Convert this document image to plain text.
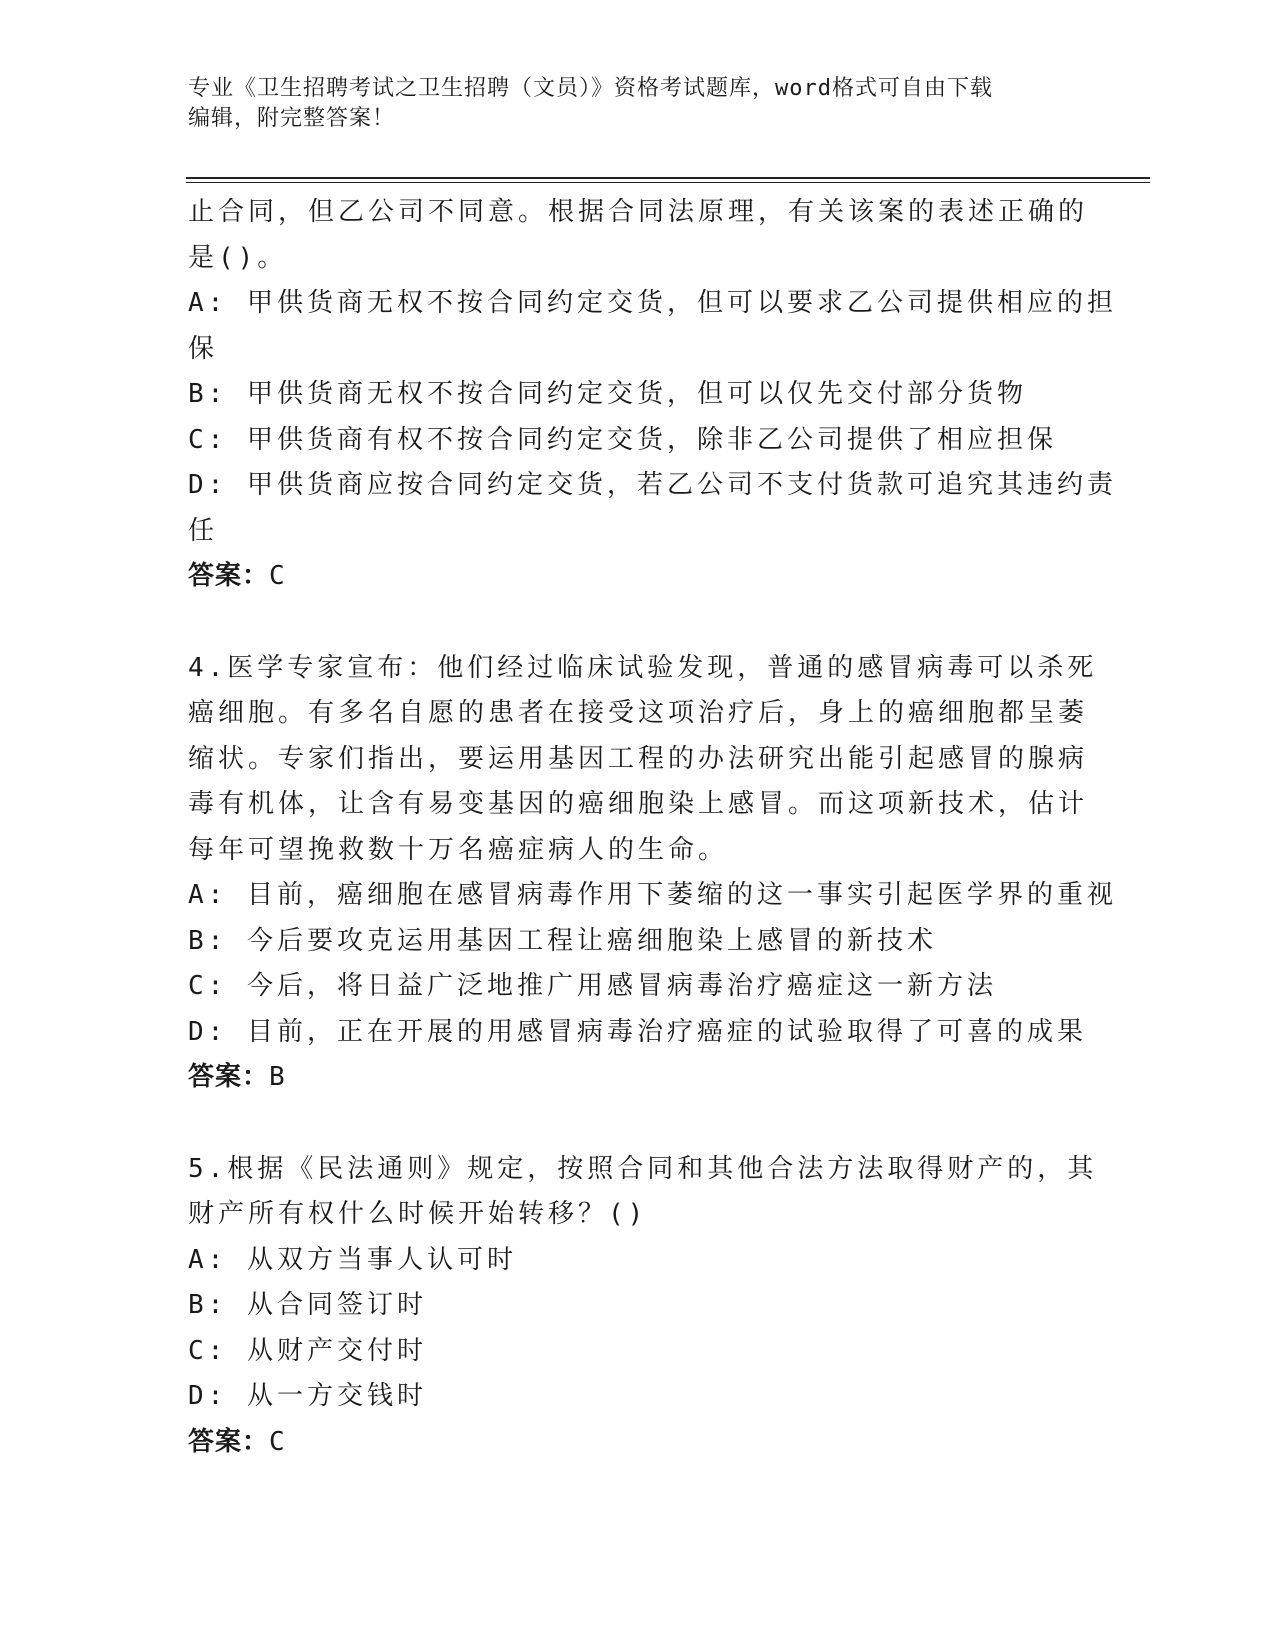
专业《卫生招聘考试之卫生招聘（文员）》资格考试题库，word格式可自由下载
编辑，附完整答案！
止合同，但乙公司不同意。根据合同法原理，有关该案的表述正确的
是()。
A: 甲供货商无权不按合同约定交货，但可以要求乙公司提供相应的担
保
B: 甲供货商无权不按合同约定交货，但可以仅先交付部分货物
C: 甲供货商有权不按合同约定交货，除非乙公司提供了相应担保
D: 甲供货商应按合同约定交货，若乙公司不支付货款可追究其违约责
任
答案：C
4.医学专家宣布：他们经过临床试验发现，普通的感冒病毒可以杀死
癌细胞。有多名自愿的患者在接受这项治疗后，身上的癌细胞都呈萎
缩状。专家们指出，要运用基因工程的办法研究出能引起感冒的腺病
毒有机体，让含有易变基因的癌细胞染上感冒。而这项新技术，估计
每年可望挽救数十万名癌症病人的生命。
A: 目前，癌细胞在感冒病毒作用下萎缩的这一事实引起医学界的重视
B: 今后要攻克运用基因工程让癌细胞染上感冒的新技术
C: 今后，将日益广泛地推广用感冒病毒治疗癌症这一新方法
D: 目前，正在开展的用感冒病毒治疗癌症的试验取得了可喜的成果
答案：B
5.根据《民法通则》规定，按照合同和其他合法方法取得财产的，其
财产所有权什么时候开始转移？()
A: 从双方当事人认可时
B: 从合同签订时
C: 从财产交付时
D: 从一方交钱时
答案：C
